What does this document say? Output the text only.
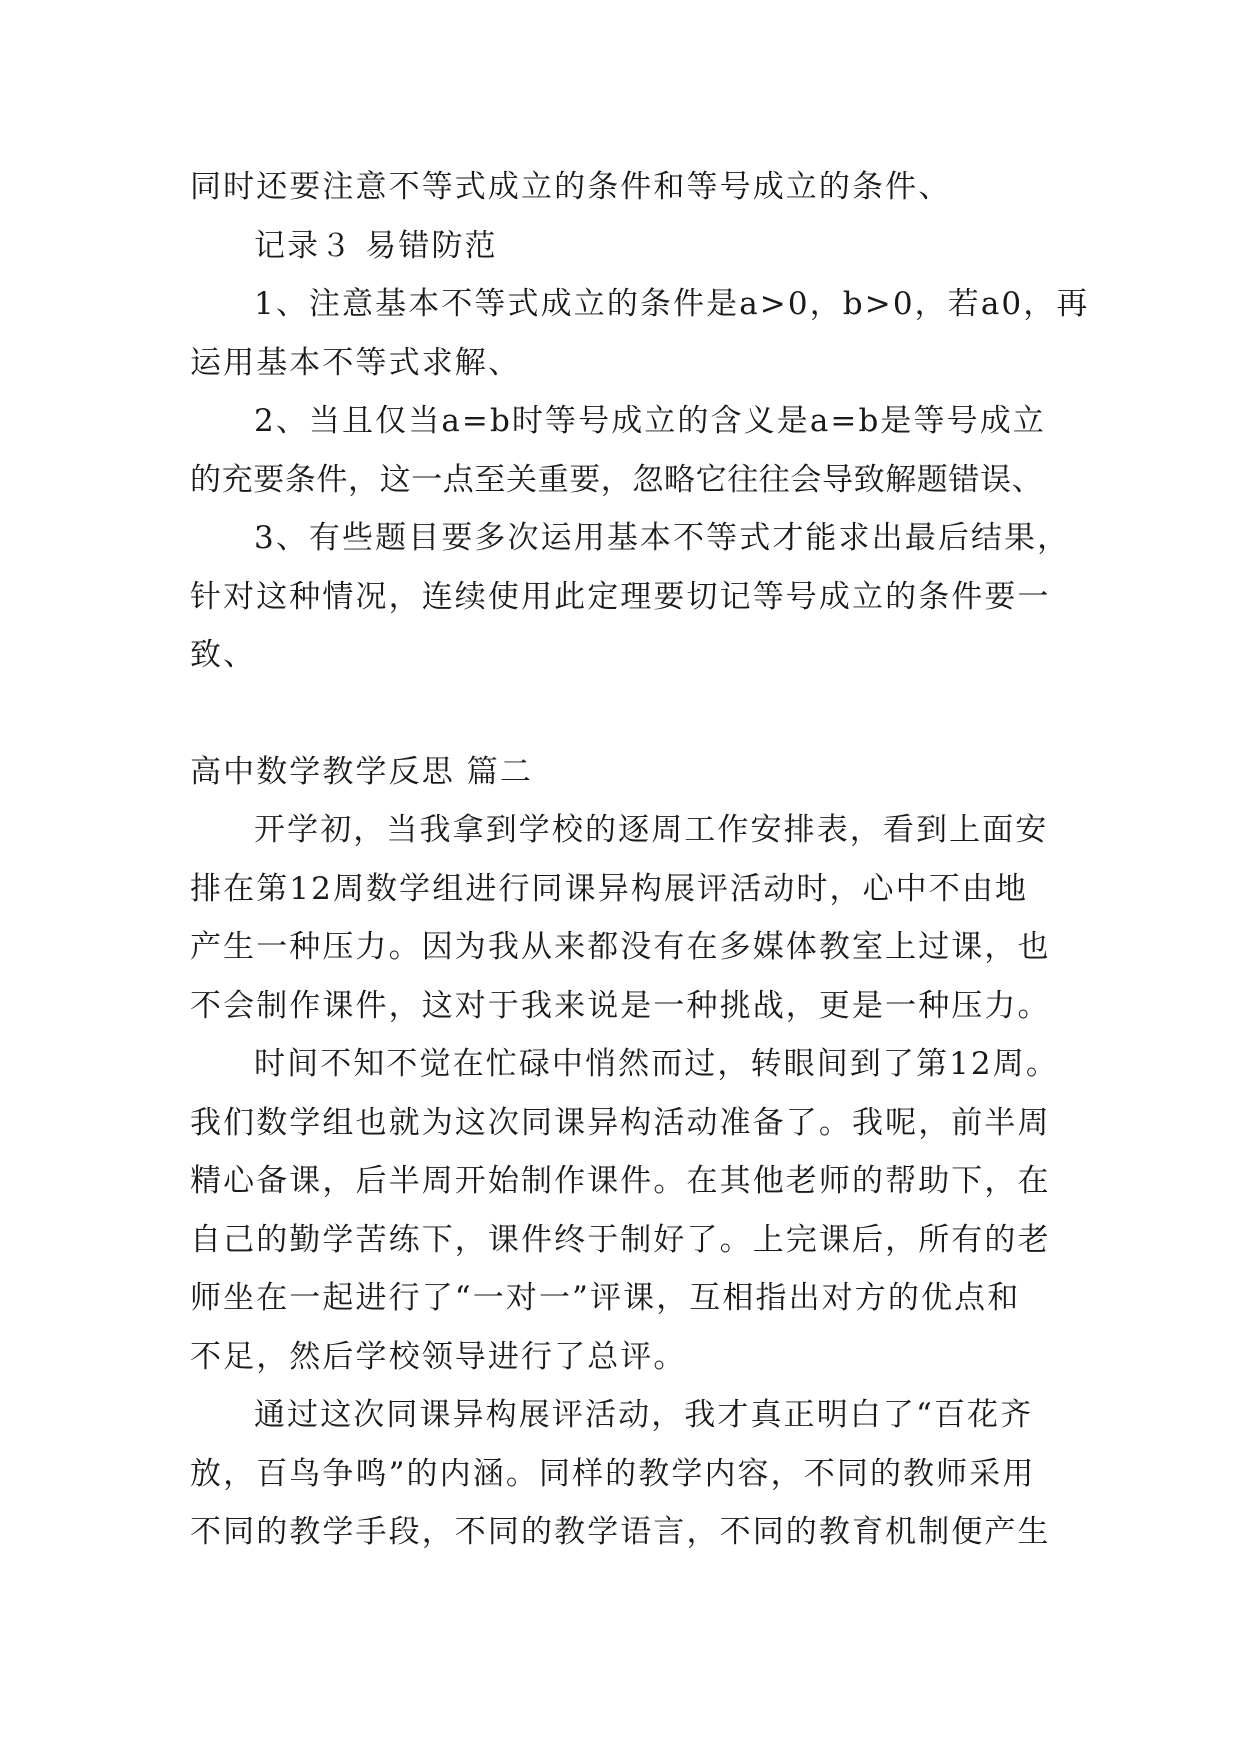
同时还要注意不等式成立的条件和等号成立的条件、
记录３ 易错防范
1、注意基本不等式成立的条件是a>0，b>0，若a0，再
运用基本不等式求解、
2、当且仅当a=b时等号成立的含义是a=b是等号成立
的充要条件，这一点至关重要，忽略它往往会导致解题错误、
3、有些题目要多次运用基本不等式才能求出最后结果，
针对这种情况，连续使用此定理要切记等号成立的条件要一
致、
高中数学教学反思 篇二
开学初，当我拿到学校的逐周工作安排表，看到上面安
排在第12周数学组进行同课异构展评活动时，心中不由地
产生一种压力。因为我从来都没有在多媒体教室上过课，也
不会制作课件，这对于我来说是一种挑战，更是一种压力。
时间不知不觉在忙碌中悄然而过，转眼间到了第12周。
我们数学组也就为这次同课异构活动准备了。我呢，前半周
精心备课，后半周开始制作课件。在其他老师的帮助下，在
自己的勤学苦练下，课件终于制好了。上完课后，所有的老
师坐在一起进行了“一对一”评课，互相指出对方的优点和
不足，然后学校领导进行了总评。
通过这次同课异构展评活动，我才真正明白了“百花齐
放，百鸟争鸣”的内涵。同样的教学内容，不同的教师采用
不同的教学手段，不同的教学语言，不同的教育机制便产生
